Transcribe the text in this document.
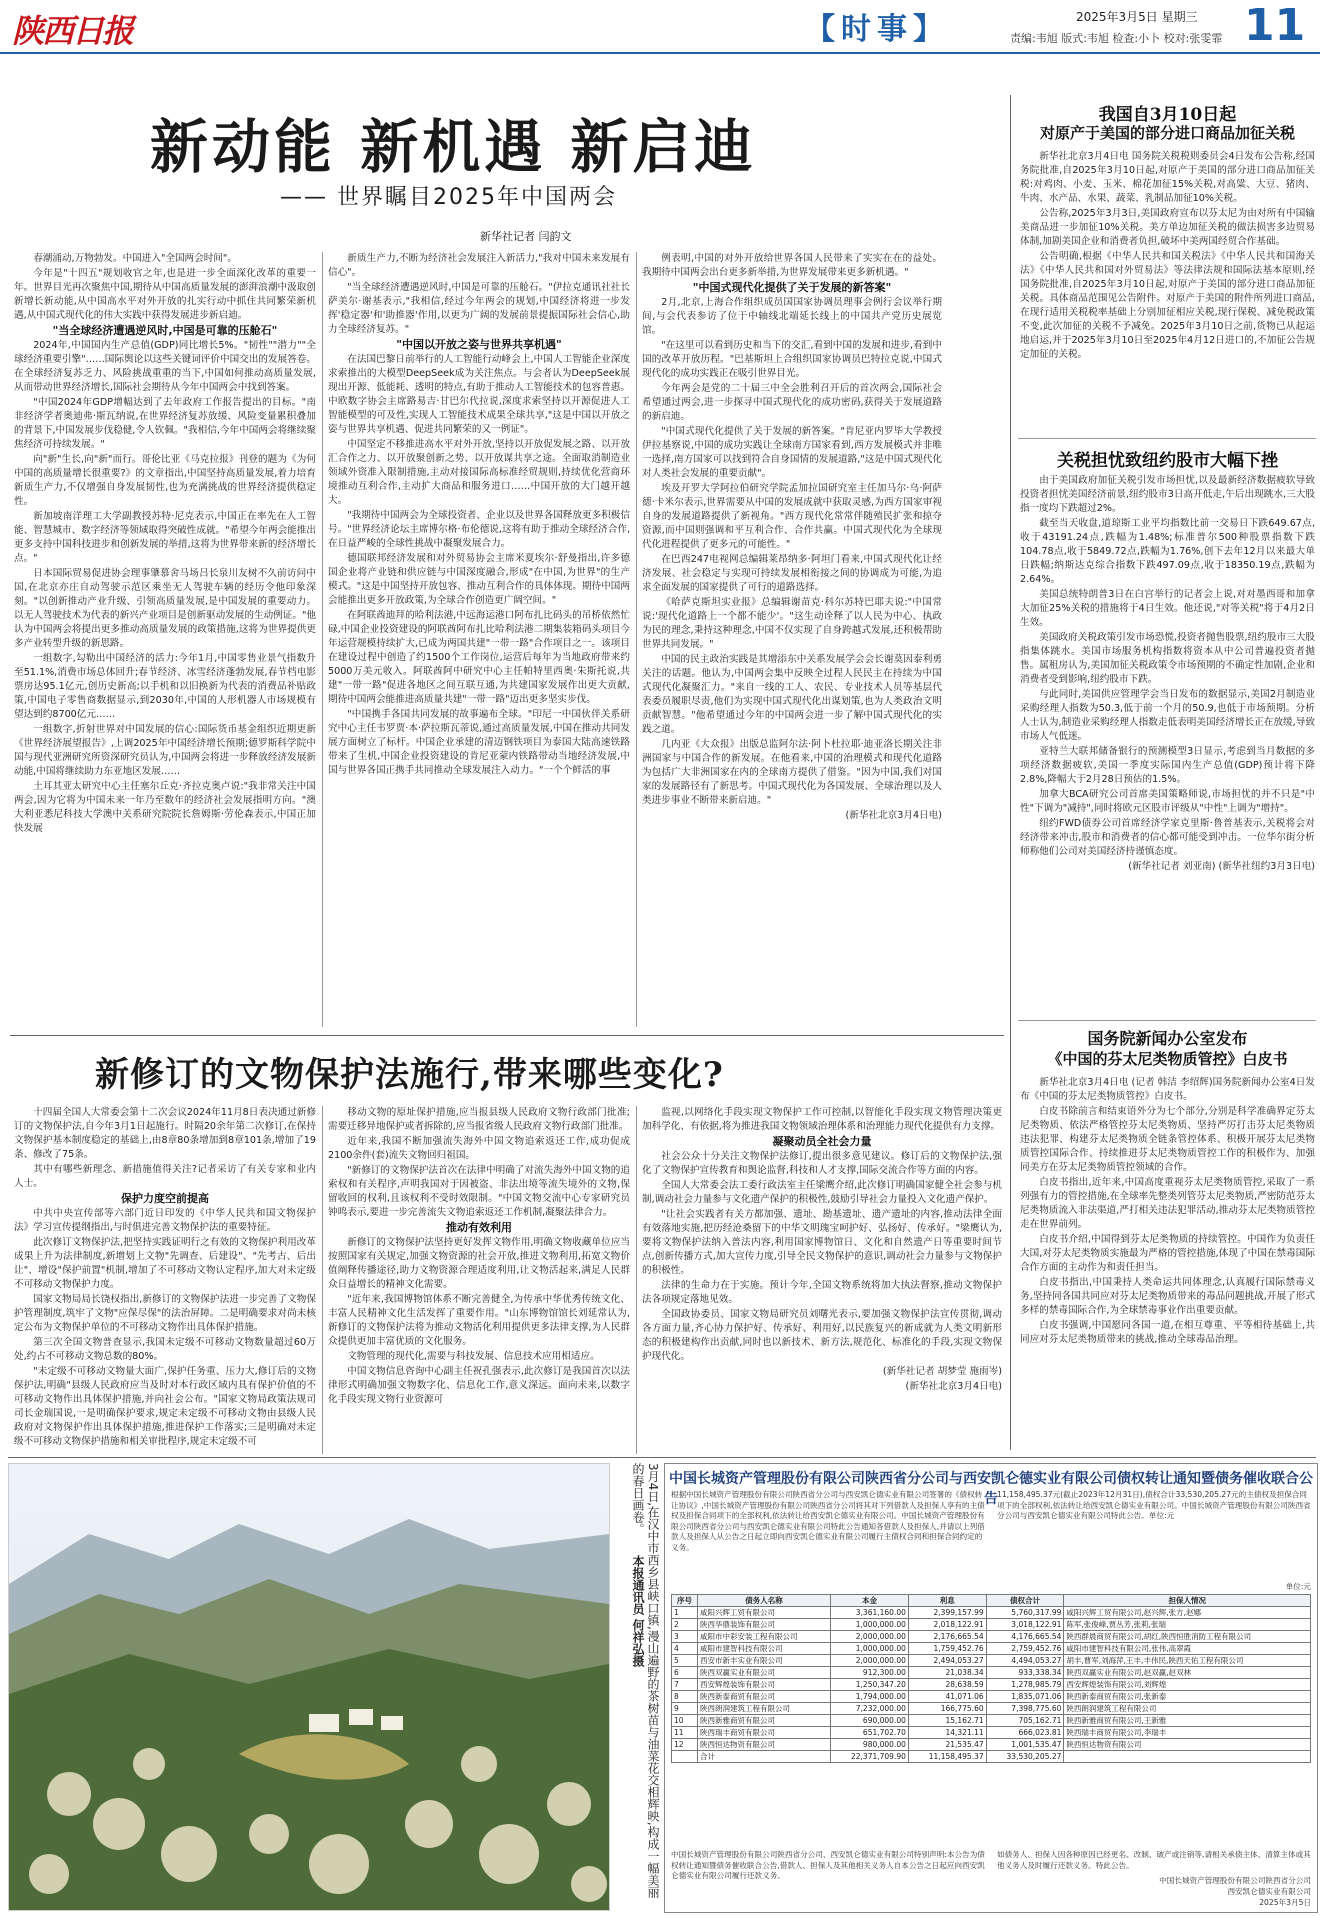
陕西日报	【时事】	2025年3月5日 星期三
责编:韦旭 版式:韦旭 检查:小卜 校对:张雯霏 11
新动能 新机遇 新启迪
—— 世界瞩目2025年中国两会
新华社记者 闫韵文

春潮涌动,万物勃发。中国进入"全国两会时间"。

今年是"十四五"规划收官之年,也是进一步全面深化改革的重要一年。世界目光再次聚焦中国,期待从中国高质量发展的澎湃浪潮中汲取创新增长新动能,从中国高水平对外开放的扎实行动中抓住共同繁荣新机遇,从中国式现代化的伟大实践中获得发展进步新启迪。

"当全球经济遭遇逆风时,中国是可靠的压舱石"

2024年,中国国内生产总值(GDP)同比增长5%。"韧性""潜力""全球经济重要引擎"……国际舆论以这些关键词评价中国交出的发展答卷。在全球经济复苏乏力、风险挑战重重的当下,中国如何推动高质量发展,从而带动世界经济增长,国际社会期待从今年中国两会中找到答案。

"中国2024年GDP增幅达到了去年政府工作报告提出的目标。"南非经济学者奥迪弗·斯瓦纳说,在世界经济复苏放缓、风险变量累积叠加的背景下,中国发展步伐稳健,令人钦佩。"我相信,今年中国两会将继续聚焦经济可持续发展。"

向"新"生长,向"新"而行。哥伦比亚《马克拉报》刊登的题为《为何中国的高质量增长很重要?》的文章指出,中国坚持高质量发展,着力培育新质生产力,不仅增强自身发展韧性,也为充满挑战的世界经济提供稳定性。

新加坡南洋理工大学副教授苏特·尼克表示,中国正在率先在人工智能、智慧城市、数字经济等领域取得突破性成就。"希望今年两会能推出更多支持中国科技进步和创新发展的举措,这将为世界带来新的经济增长点。"

日本国际贸易促进协会理事肇慕舍马场吕长泉川友树不久前访问中国,在北京亦庄自动驾驶示范区乘坐无人驾驶车辆的经历令他印象深刻。"以创新推动产业升级、引领高质量发展,是中国发展的重要动力。以无人驾驶技术为代表的新兴产业项目是创新驱动发展的生动例证。"他认为中国两会将提出更多推动高质量发展的政策措施,这将为世界提供更多产业转型升级的新思路。

一组数字,勾勒出中国经济的活力:今年1月,中国零售业景气指数升至51.1%,消费市场总体回升;春节经济、冰雪经济蓬勃发展,春节档电影票房达95.1亿元,创历史新高;以手机和以旧换新为代表的消费品补贴政策,中国电子零售商数据显示,到2030年,中国的人形机器人市场规模有望达到约8700亿元……

一组数字,折射世界对中国发展的信心:国际货币基金组织近期更新《世界经济展望报告》,上调2025年中国经济增长预期;德罗斯科学院中国与现代亚洲研究所资深研究员认为,中国两会将进一步释放经济发展新动能,中国将继续助力东亚地区发展……

土耳其亚太研究中心主任塞尔丘克·齐拉克奥卢说:"我非常关注中国两会,因为它将为中国未来一年乃至数年的经济社会发展指明方向。"澳大利亚悉尼科技大学澳中关系研究院院长詹姆斯·劳伦森表示,中国正加快发展

新质生产力,不断为经济社会发展注入新活力,"我对中国未来发展有信心"。

"当全球经济遭遇逆风时,中国是可靠的压舱石。"伊拉克通讯社社长萨美尔·谢基表示,"我相信,经过今年两会的规划,中国经济将进一步发挥'稳定器'和'助推器'作用,以更为广阔的发展前景提振国际社会信心,助力全球经济复苏。"

"中国以开放之姿与世界共享机遇"

在法国巴黎日前举行的人工智能行动峰会上,中国人工智能企业深度求索推出的大模型DeepSeek成为关注焦点。与会者认为DeepSeek展现出开源、低能耗、透明的特点,有助于推动人工智能技术的包容普惠。中欧数字协会主席路易吉·甘巴尔代拉说,深度求索坚持以开源促进人工智能模型的可及性,实现人工智能技术成果全球共享,"这是中国以开放之姿与世界共享机遇、促进共同繁荣的又一例证"。

中国坚定不移推进高水平对外开放,坚持以开放促发展之路、以开放汇合作之力、以开放聚创新之势、以开放谋共享之途。全面取消制造业领域外资准入限制措施,主动对接国际高标准经贸规则,持续优化营商环境推动互利合作,主动扩大商品和服务进口……中国开放的大门越开越大。

"我期待中国两会为全球投资者、企业以及世界各国释放更多积极信号。"世界经济论坛主席博尔格·布伦德说,这将有助于推动全球经济合作,在日益严峻的全球性挑战中凝聚发展合力。

德国联邦经济发展和对外贸易协会主席米夏埃尔·舒曼指出,许多德国企业将产业链和供应链与中国深度融合,形成"在中国,为世界"的生产模式。"这是中国坚持开放包容、推动互利合作的具体体现。期待中国两会能推出更多开放政策,为全球合作创造更广阔空间。"

在阿联酋迪拜的哈利法港,中远海运港口阿布扎比码头的吊桥依然忙碌,中国企业投资建设的阿联酋阿布扎比哈利法港二期集装箱码头项目今年运营规模持续扩大,已成为两国共建"一带一路"合作项目之一。该项目在建设过程中创造了约1500个工作岗位,运营后每年为当地政府带来约5000万美元收入。阿联酋阿中研究中心主任帕特里西奥·朱斯托说,共建"一带一路"促进各地区之间互联互通,为共建国家发展作出更大贡献,期待中国两会能推进高质量共建"一带一路"迈出更多坚实步伐。

"中国携手各国共同发展的故事遍布全球。"印尼一中国伙伴关系研究中心主任韦罗贾·本·萨拉斯瓦蒂说,通过高质量发展,中国在推动共同发展方面树立了标杆。中国企业承建的清迈钢铁项目为泰国大陆高速铁路带来了生机,中国企业投资建设的肯尼亚蒙内铁路带动当地经济发展,中国与世界各国正携手共同推动全球发展注入动力。"一个个鲜活的事

例表明,中国的对外开放给世界各国人民带来了实实在在的益处。我期待中国两会出台更多新举措,为世界发展带来更多新机遇。"

"中国式现代化提供了关于发展的新答案"

2月,北京,上海合作组织成员国国家协调员理事会例行会议举行期间,与会代表参访了位于中轴线北端延长线上的中国共产党历史展览馆。

"在这里可以看到历史和当下的交汇,看到中国的发展和进步,看到中国的改革开放历程。"巴基斯坦上合组织国家协调员巴特拉克说,中国式现代化的成功实践正在吸引世界目光。

今年两会是党的二十届三中全会胜利召开后的首次两会,国际社会希望通过两会,进一步探寻中国式现代化的成功密码,获得关于发展道路的新启迪。

"中国式现代化提供了关于发展的新答案。"肯尼亚内罗毕大学教授伊拉基察说,中国的成功实践让全球南方国家看到,西方发展模式并非唯一选择,南方国家可以找到符合自身国情的发展道路,"这是中国式现代化对人类社会发展的重要贡献"。

埃及开罗大学阿拉伯研究学院孟加拉国研究室主任加马尔·乌·阿萨德·卡米尔表示,世界需要从中国的发展成就中获取灵感,为西方国家审视自身的发展道路提供了新视角。"西方现代化常常伴随殖民扩张和掠夺资源,而中国则强调和平互利合作、合作共赢。中国式现代化为全球现代化进程提供了更多元的可能性。"

在巴西247电视网总编辑莱昂纳多·阿坦门看来,中国式现代化让经济发展、社会稳定与实现可持续发展相衔接之间的协调成为可能,为追求全面发展的国家提供了可行的道路选择。

《哈萨克斯坦实业报》总编辑谢苗克·科尔苏特巴耶夫说:"中国常说:'现代化道路上一个都不能少'。"这生动诠释了以人民为中心、执政为民的理念,秉持这种理念,中国不仅实现了自身跨越式发展,还积极帮助世界共同发展。"

中国的民主政治实践是其增添东中关系发展学会会长谢莫因泰利勇关注的话题。他认为,中国两会集中反映全过程人民民主在持续为中国式现代化凝聚汇力。"来自一线的工人、农民、专业技术人员等基层代表委员履职尽责,他们为实现中国式现代化出谋划策,也为人类政治文明贡献智慧。"他希望通过今年的中国两会进一步了解中国式现代化的实践之道。

几内亚《大众报》出版总监阿尔法·阿卜杜拉耶·迪亚洛长期关注非洲国家与中国合作的新发展。在他看来,中国的治理模式和现代化道路为包括广大非洲国家在内的全球南方提供了借鉴。"因为中国,我们对国家的发展路径有了新思考。中国式现代化为各国发展、全球治理以及人类进步事业不断带来新启迪。"

(新华社北京3月4日电)

我国自3月10日起
对原产于美国的部分进口商品加征关税

新华社北京3月4日电 国务院关税税则委员会4日发布公告称,经国务院批准,自2025年3月10日起,对原产于美国的部分进口商品加征关税:对鸡肉、小麦、玉米、棉花加征15%关税,对高粱、大豆、猪肉、牛肉、水产品、水果、蔬菜、乳制品加征10%关税。

公告称,2025年3月3日,美国政府宣布以芬太尼为由对所有中国输美商品进一步加征10%关税。美方单边加征关税的做法损害多边贸易体制,加剧美国企业和消费者负担,破坏中美两国经贸合作基础。

公告明确,根据《中华人民共和国关税法》《中华人民共和国海关法》《中华人民共和国对外贸易法》等法律法规和国际法基本原则,经国务院批准,自2025年3月10日起,对原产于美国的部分进口商品加征关税。具体商品范围见公告附件。对原产于美国的附件所列进口商品,在现行适用关税税率基础上分别加征相应关税,现行保税、减免税政策不变,此次加征的关税不予减免。2025年3月10日之前,货物已从起运地启运,并于2025年3月10日至2025年4月12日进口的,不加征公告规定加征的关税。

关税担忧致纽约股市大幅下挫

由于美国政府加征关税引发市场担忧,以及最新经济数据疲软导致投资者担忧美国经济前景,纽约股市3日高开低走,午后出现跳水,三大股指一度均下跌超过2%。

截至当天收盘,道琼斯工业平均指数比前一交易日下跌649.67点,收于43191.24点,跌幅为1.48%;标准普尔500种股票指数下跌104.78点,收于5849.72点,跌幅为1.76%,创下去年12月以来最大单日跌幅;纳斯达克综合指数下跌497.09点,收于18350.19点,跌幅为2.64%。

美国总统特朗普3日在白宫举行的记者会上说,对对墨西哥和加拿大加征25%关税的措施将于4日生效。他还说,"对等关税"将于4月2日生效。

美国政府关税政策引发市场恐慌,投资者抛售股票,纽约股市三大股指集体跳水。美国市场服务机构指数将资本从中公司普遍投资者抛售。属租房认为,美国加征关税政策令市场预期的不确定性加剧,企业和消费者受到影响,纽约股市下跌。

与此同时,美国供应管理学会当日发布的数据显示,美国2月制造业采购经理人指数为50.3,低于前一个月的50.9,也低于市场预期。分析人士认为,制造业采购经理人指数走低表明美国经济增长正在放缓,导致市场人气低迷。

亚特兰大联邦储备银行的预测模型3日显示,考虑到当月数据的多项经济数据疲软,美国一季度实际国内生产总值(GDP)预计将下降2.8%,降幅大于2月28日预估的1.5%。

加拿大BCA研究公司首席美国策略师说,市场担忧的并不只是"中性"下调为"减持",同时将欧元区股市评级从"中性"上调为"增持"。

纽约FWD债券公司首席经济学家克里斯·鲁普基表示,关税将会对经济带来冲击,股市和消费者的信心都可能受到冲击。一位华尔街分析师称他们公司对美国经济持谨慎态度。

(新华社记者 刘亚南) (新华社纽约3月3日电)

国务院新闻办公室发布
《中国的芬太尼类物质管控》白皮书

新华社北京3月4日电 (记者 韩洁 李绍辉)国务院新闻办公室4日发布《中国的芬太尼类物质管控》白皮书。

白皮书除前言和结束语外分为七个部分,分别是科学准确界定芬太尼类物质、依法严格管控芬太尼类物质、坚持严厉打击芬太尼类物质违法犯罪、构建芬太尼类物质全链条管控体系、积极开展芬太尼类物质管控国际合作、持续推进芬太尼类物质管控工作的积极作为、加强同美方在芬太尼类物质管控领域的合作。

白皮书指出,近年来,中国高度重视芬太尼类物质管控,采取了一系列强有力的管控措施,在全球率先整类列管芬太尼类物质,严密防范芬太尼类物质流入非法渠道,严打相关违法犯罪活动,推动芬太尼类物质管控走在世界前列。

白皮书介绍,中国得到芬太尼类物质的持续管控。中国作为负责任大国,对芬太尼类物质实施最为严格的管控措施,体现了中国在禁毒国际合作方面的主动作为和责任担当。

白皮书指出,中国秉持人类命运共同体理念,认真履行国际禁毒义务,坚持同各国共同应对芬太尼类物质带来的毒品问题挑战,开展了形式多样的禁毒国际合作,为全球禁毒事业作出重要贡献。

白皮书强调,中国愿同各国一道,在相互尊重、平等相待基础上,共同应对芬太尼类物质带来的挑战,推动全球毒品治理。

新修订的文物保护法施行,带来哪些变化?

十四届全国人大常委会第十二次会议2024年11月8日表决通过新修订的文物保护法,自今年3月1日起施行。时隔20余年第二次修订,在保持文物保护基本制度稳定的基础上,由8章80条增加到8章101条,增加了19条、修改了75条。

其中有哪些新理念、新措施值得关注?记者采访了有关专家和业内人士。

保护力度空前提高

中共中央宣传部等六部门近日印发的《中华人民共和国文物保护法》学习宣传提纲指出,与时俱进完善文物保护法的重要特征。

此次修订文物保护法,把坚持实践证明行之有效的文物保护利用改革成果上升为法律制度,新增划上文物"先调查、后建设"、"先考古、后出让"、增设"保护前置"机制,增加了不可移动文物认定程序,加大对未定级不可移动文物保护力度。

国家文物局局长饶权指出,新修订的文物保护法进一步完善了文物保护管理制度,筑牢了文物"应保尽保"的法治屏障。二是明确要求对尚未核定公布为文物保护单位的不可移动文物作出具体保护措施。

第三次全国文物普查显示,我国未定级不可移动文物数量超过60万处,约占不可移动文物总数的80%。

"未定级不可移动文物量大面广,保护任务重、压力大,修订后的文物保护法,明确"县级人民政府应当及时对本行政区域内具有保护价值的不可移动文物作出具体保护措施,并向社会公布。"国家文物局政策法规司司长金瑞国说,一是明确保护要求,规定未定级不可移动文物由县级人民政府对文物保护作出具体保护措施,推进保护工作落实;三是明确对未定级不可移动文物保护措施和相关审批程序,规定未定级不可

移动文物的原址保护措施,应当报县级人民政府文物行政部门批准;需要迁移异地保护或者拆除的,应当报省级人民政府文物行政部门批准。

近年来,我国不断加强流失海外中国文物追索返还工作,成功促成2100余件(套)流失文物回归祖国。

"新修订的文物保护法首次在法律中明确了对流失海外中国文物的追索权和有关程序,声明我国对于因被盗、非法出境等流失境外的文物,保留收回的权利,且该权利不受时效限制。"中国文物交流中心专家研究员钟鸣表示,要进一步完善流失文物追索返还工作机制,凝聚法律合力。

推动有效利用

新修订的文物保护法坚持更好发挥文物作用,明确文物收藏单位应当按照国家有关规定,加强文物资源的社会开放,推进文物利用,拓宽文物价值阐释传播途径,助力文物资源合理适度利用,让文物活起来,满足人民群众日益增长的精神文化需要。

"近年来,我国博物馆体系不断完善健全,为传承中华优秀传统文化、丰富人民精神文化生活发挥了重要作用。"山东博物馆馆长刘延常认为,新修订的文物保护法将为推动文物活化利用提供更多法律支撑,为人民群众提供更加丰富优质的文化服务。

文物管理的现代化,需要与科技发展、信息技术应用相适应。

中国文物信息咨询中心副主任祝孔强表示,此次修订是我国首次以法律形式明确加强文物数字化、信息化工作,意义深远。面向未来,以数字化手段实现文物行业资源可

监视,以网络化手段实现文物保护工作可控制,以智能化手段实现文物管理决策更加科学化、有依据,将为推进我国文物领域治理体系和治理能力现代化提供有力支撑。

凝聚动员全社会力量

社会公众十分关注文物保护法修订,提出很多意见建议。修订后的文物保护法,强化了文物保护宣传教育和舆论监督,科技和人才支撑,国际交流合作等方面的内容。

全国人大常委会法工委行政法室主任梁鹰介绍,此次修订明确国家健全社会参与机制,调动社会力量参与文化遗产保护的积极性,鼓励引导社会力量投入文化遗产保护。

"让社会实践者有关方都加强、遗址、勘基遗址、遗产遗址的内容,推动法律全面有效落地实施,把历经沧桑留下的中华文明瑰宝呵护好、弘扬好、传承好。"梁鹰认为,要将文物保护法纳入普法内容,利用国家博物馆日、文化和自然遗产日等重要时间节点,创新传播方式,加大宣传力度,引导全民文物保护的意识,调动社会力量参与文物保护的积极性。

法律的生命力在于实施。预计今年,全国文物系统将加大执法督察,推动文物保护法各项规定落地见效。

全国政协委员、国家文物局研究员刘曙光表示,要加强文物保护法宣传贯彻,调动各方面力量,齐心协力保护好、传承好、利用好,以民族复兴的新成就为人类文明新形态的积极建构作出贡献,同时也以新技术、新方法,规范化、标准化的手段,实现文物保护现代化。

(新华社记者 胡梦莹 施雨岑)

(新华社北京3月4日电)

3月4日,在汉中市西乡县峡口镇,漫山遍野的茶树苗与油菜花交相辉映,构成一幅美丽的春日画卷。 本报通讯员 何祥弘摄
中国长城资产管理股份有限公司陕西省分公司与西安凯仑德实业有限公司债权转让通知暨债务催收联合公告
根据中国长城资产管理股份有限公司陕西省分公司与西安凯仑德实业有限公司签署的《债权转让协议》,中国长城资产管理股份有限公司陕西省分公司将其对下列借款人及担保人享有的主债权及担保合同项下的全部权利,依法转让给西安凯仑德实业有限公司。中国长城资产管理股份有限公司陕西省分公司与西安凯仑德实业有限公司特此公告通知各借款人及担保人,并请以上列借款人及担保人从公告之日起立即向西安凯仑德实业有限公司履行主债权合同和担保合同约定的义务。
11,158,495.37元(截止2023年12月31日),债权合计33,530,205.27元的主债权及担保合同项下的全部权利,依法转让给西安凯仑德实业有限公司。中国长城资产管理股份有限公司陕西省分公司与西安凯仑德实业有限公司特此公告。单位:元
单位:元
序号	债务人名称	本金	利息	债权合计	担保人情况
1	咸阳兴辉工贸有限公司	3,361,160.00	2,399,157.99	5,760,317.99	咸阳兴辉工贸有限公司,赵兴辉,张方,赵娜
2	陕西华鼎装饰有限公司	1,000,000.00	2,018,122.91	3,018,122.91	陈军,张俊峰,贾丛芳,张莉,张瑞
3	咸阳市中彩安装工程有限公司	2,000,000.00	2,176,665.54	4,176,665.54	陕西群晨商贸有限公司,胡红,陕西恒胜消防工程有限公司
4	咸阳市建智科技有限公司	1,000,000.00	1,759,452.76	2,759,452.76	咸阳市建智科技有限公司,张伟,高翠霞
5	西安市新丰实业有限公司	2,000,000.00	2,494,053.27	4,494,053.27	胡丰,曹军,刘海萍,王丰,丰伟民,陕西天佑工程有限公司
6	陕西双赢实业有限公司	912,300.00	21,038.34	933,338.34	陕西双赢实业有限公司,赵双赢,赵双林
7	西安辉煌装饰有限公司	1,250,347.20	28,638.59	1,278,985.79	西安辉煌装饰有限公司,刘辉煌
8	陕西新泰商贸有限公司	1,794,000.00	41,071.06	1,835,071.06	陕西新泰商贸有限公司,张新泰
9	陕西朗润建筑工程有限公司	7,232,000.00	166,775.60	7,398,775.60	陕西朗润建筑工程有限公司
10	陕西新雅商贸有限公司	690,000.00	15,162.71	705,162.71	陕西新雅商贸有限公司,王新雅
11	陕西瑞丰商贸有限公司	651,702.70	14,321.11	666,023.81	陕西瑞丰商贸有限公司,李瑞丰
12	陕西恒达物资有限公司	980,000.00	21,535.47	1,001,535.47	陕西恒达物资有限公司
	合计	22,371,709.90	11,158,495.37	33,530,205.27	
中国长城资产管理股份有限公司陕西省分公司、西安凯仑德实业有限公司特别声明:本公告为债权转让通知暨债务催收联合公告,借款人、担保人及其他相关义务人自本公告之日起应向西安凯仑德实业有限公司履行还款义务。
如债务人、担保人因各种原因已经更名、改制、破产或注销等,请相关承债主体、清算主体或其他义务人及时履行还款义务。特此公告。
中国长城资产管理股份有限公司陕西省分公司
西安凯仑德实业有限公司
2025年3月5日
